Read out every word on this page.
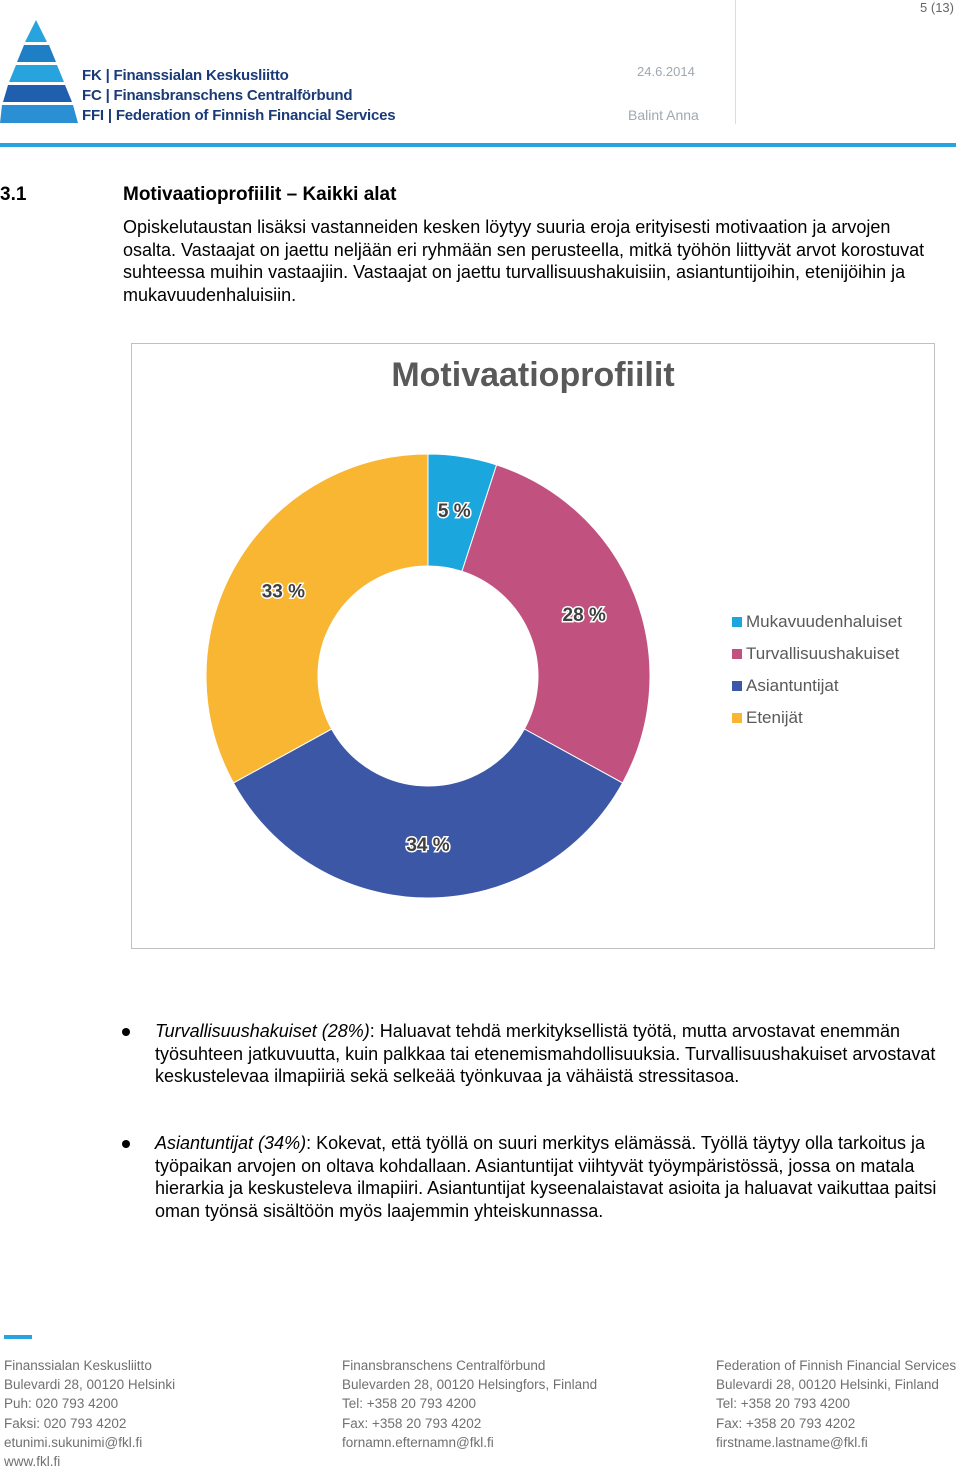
5 (13)
FK | Finanssialan Keskusliitto
FC | Finansbranschens Centralförbund
FFI | Federation of Finnish Financial Services
24.6.2014
Balint Anna
3.1	Motivaatioprofiilit – Kaikki alat
Opiskelutaustan lisäksi vastanneiden kesken löytyy suuria eroja erityisesti motivaation ja arvojen osalta. Vastaajat on jaettu neljään eri ryhmään sen perusteella, mitkä työhön liittyvät arvot korostuvat suhteessa muihin vastaajiin. Vastaajat on jaettu turvallisuushakuisiin, asiantuntijoihin, etenijöihin ja mukavuudenhaluisiin.
Motivaatioprofiilit
5 %
28 %
34 %
33 %
Mukavuudenhaluiset
Turvallisuushakuiset
Asiantuntijat
Etenijät
Turvallisuushakuiset (28%): Haluavat tehdä merkityksellistä työtä, mutta arvostavat enemmän työsuhteen jatkuvuutta, kuin palkkaa tai etenemismahdollisuuksia. Turvallisuushakuiset arvostavat keskustelevaa ilmapiiriä sekä selkeää työnkuvaa ja vähäistä stressitasoa.
Asiantuntijat (34%): Kokevat, että työllä on suuri merkitys elämässä. Työllä täytyy olla tarkoitus ja työpaikan arvojen on oltava kohdallaan. Asiantuntijat viihtyvät työympäristössä, jossa on matala hierarkia ja keskusteleva ilmapiiri. Asiantuntijat kyseenalaistavat asioita ja haluavat vaikuttaa paitsi oman työnsä sisältöön myös laajemmin yhteiskunnassa.
Finanssialan Keskusliitto
Bulevardi 28, 00120 Helsinki
Puh: 020 793 4200
Faksi: 020 793 4202
etunimi.sukunimi@fkl.fi
www.fkl.fi
Finansbranschens Centralförbund
Bulevarden 28, 00120 Helsingfors, Finland
Tel: +358 20 793 4200
Fax: +358 20 793 4202
fornamn.efternamn@fkl.fi
Federation of Finnish Financial Services
Bulevardi 28, 00120 Helsinki, Finland
Tel: +358 20 793 4200
Fax: +358 20 793 4202
firstname.lastname@fkl.fi
